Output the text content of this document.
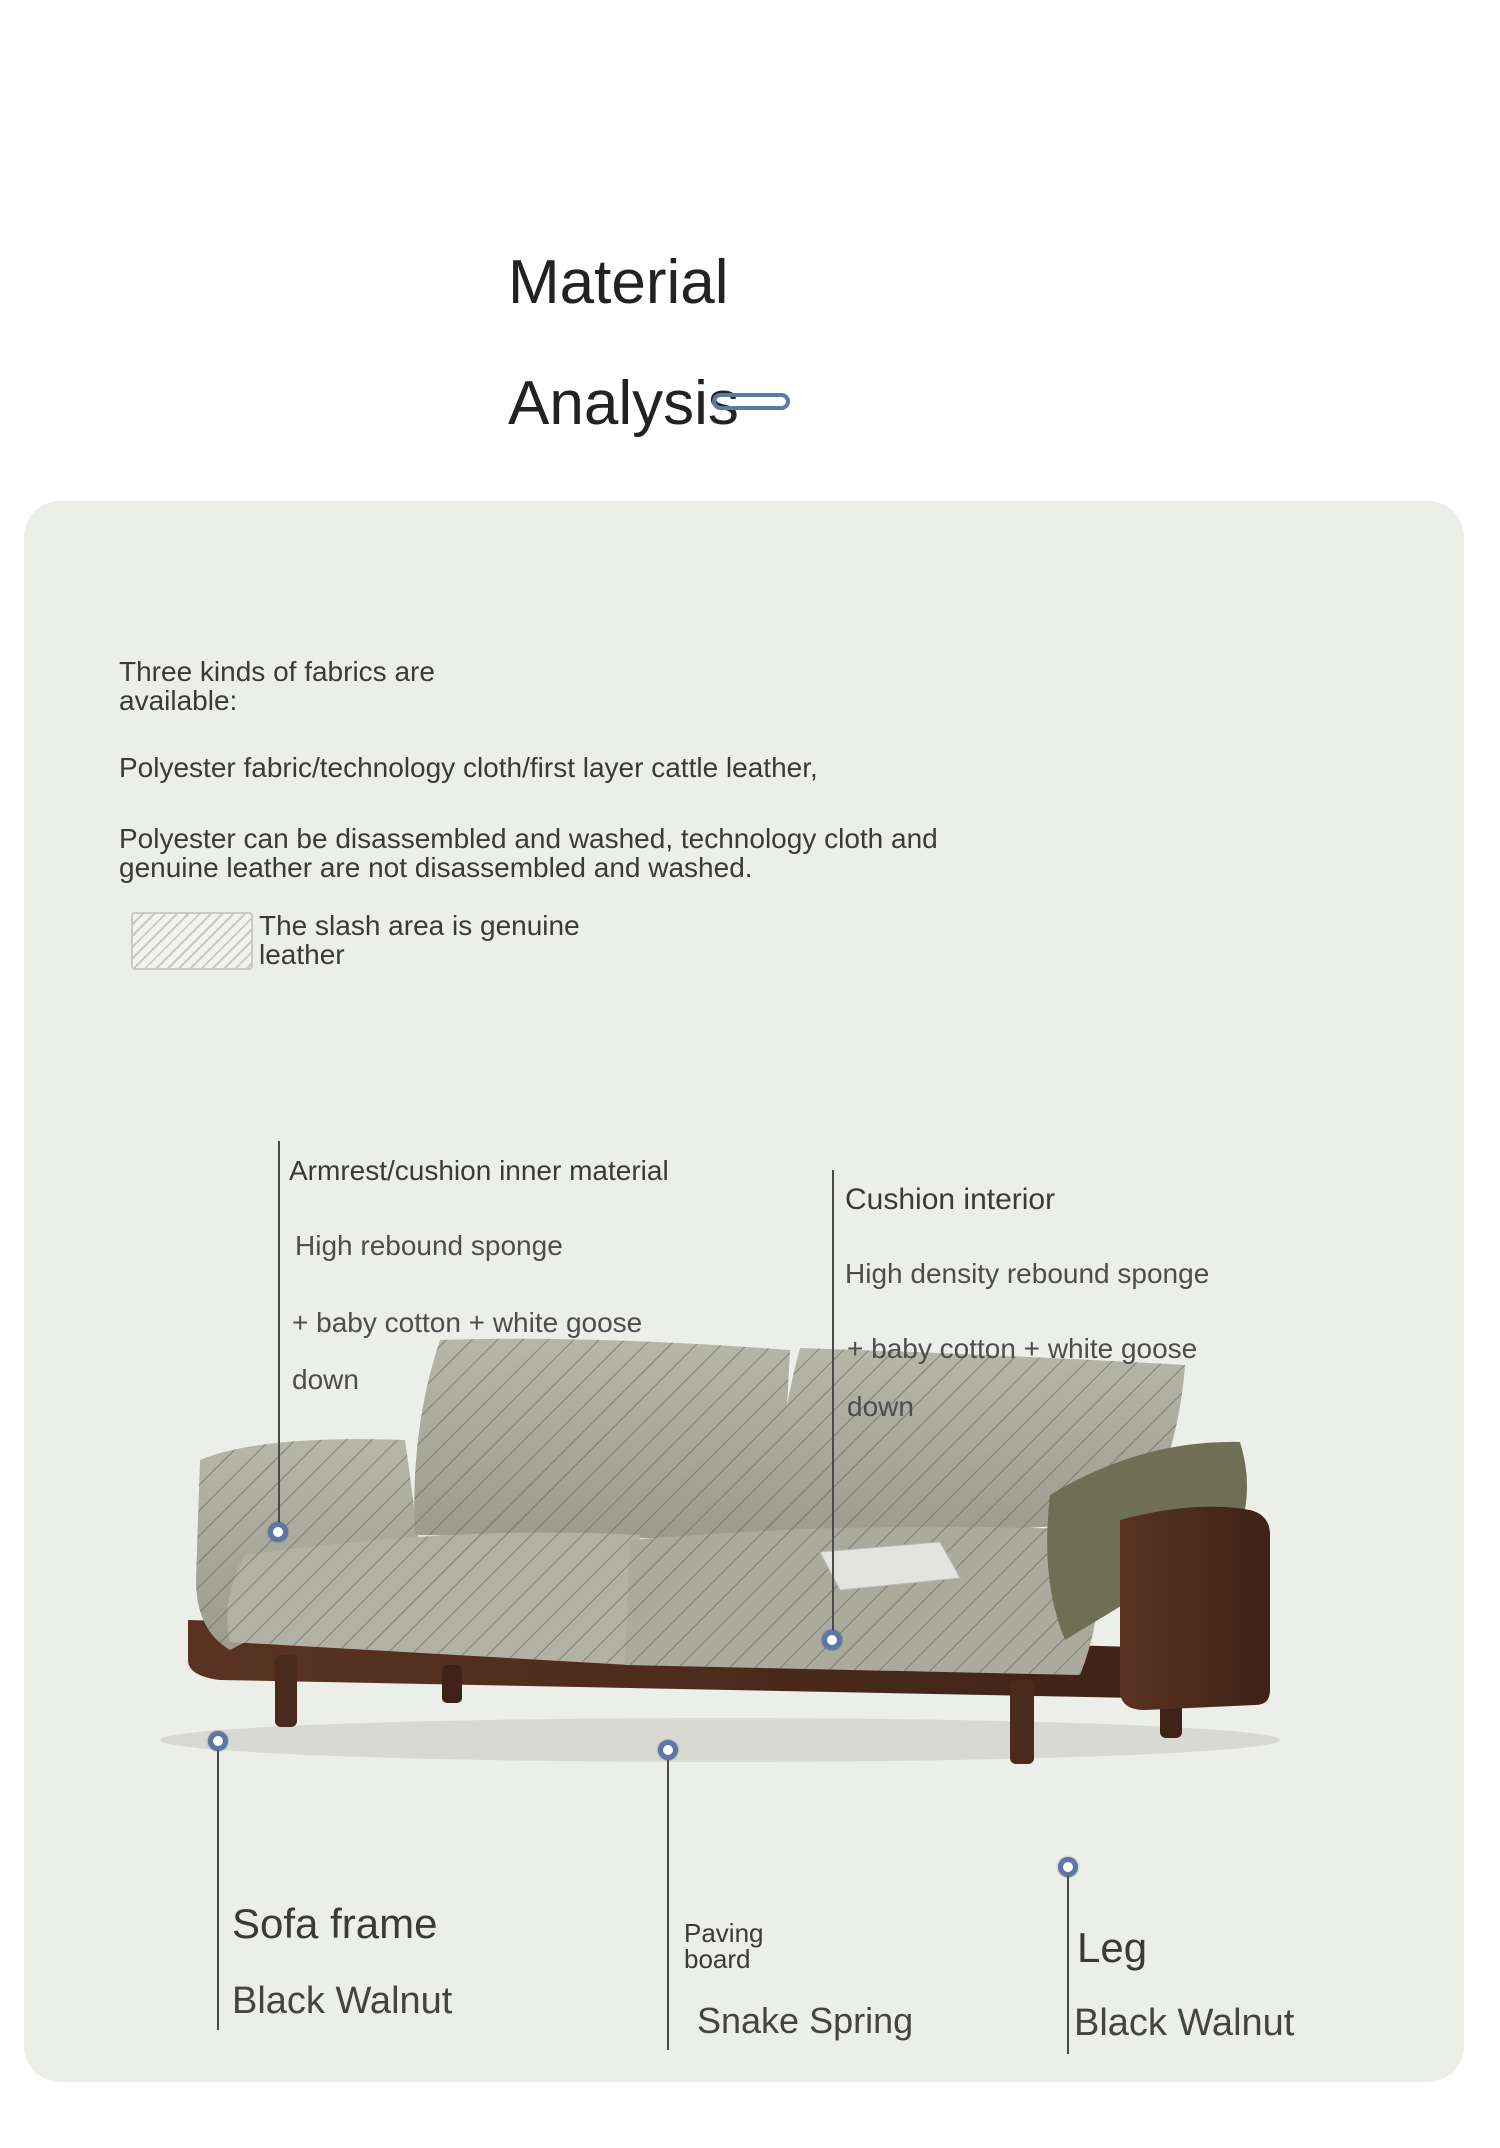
Material
Analysis
Three kinds of fabrics are available:
Polyester fabric/technology cloth/first layer cattle leather,
Polyester can be disassembled and washed, technology cloth and genuine leather are not disassembled and washed.
The slash area is genuine leather
Armrest/cushion inner material
High rebound sponge
+ baby cotton + white goose
down
Cushion interior
High density rebound sponge
+ baby cotton + white goose
down
Sofa frame
Black Walnut
Paving
board
Snake Spring
Leg
Black Walnut
